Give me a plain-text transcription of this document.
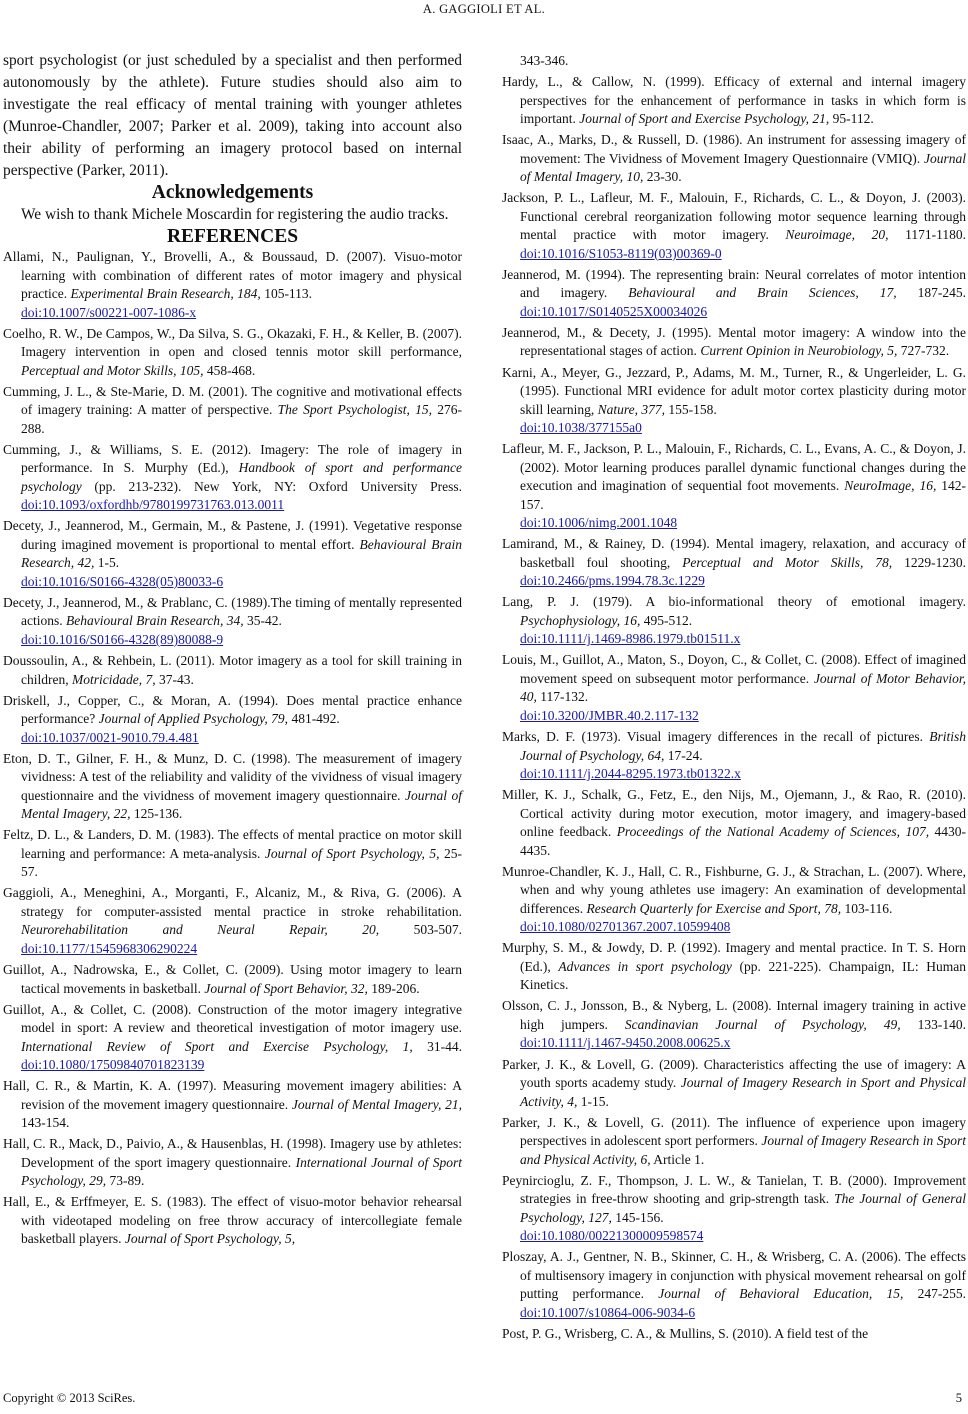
A. GAGGIOLI ET AL.

sport psychologist (or just scheduled by a specialist and then performed autonomously by the athlete). Future studies should also aim to investigate the real efficacy of mental training with younger athletes (Munroe-Chandler, 2007; Parker et al. 2009), taking into account also their ability of performing an imagery protocol based on internal perspective (Parker, 2011).

Acknowledgements

We wish to thank Michele Moscardin for registering the audio tracks.

REFERENCES

Allami, N., Paulignan, Y., Brovelli, A., & Boussaud, D. (2007). Visuo-motor learning with combination of different rates of motor imagery and physical practice. Experimental Brain Research, 184, 105-113.
doi:10.1007/s00221-007-1086-x

Coelho, R. W., De Campos, W., Da Silva, S. G., Okazaki, F. H., & Keller, B. (2007). Imagery intervention in open and closed tennis motor skill performance, Perceptual and Motor Skills, 105, 458-468.

Cumming, J. L., & Ste-Marie, D. M. (2001). The cognitive and motivational effects of imagery training: A matter of perspective. The Sport Psychologist, 15, 276-288.

Cumming, J., & Williams, S. E. (2012). Imagery: The role of imagery in performance. In S. Murphy (Ed.), Handbook of sport and performance psychology (pp. 213-232). New York, NY: Oxford University Press. doi:10.1093/oxfordhb/9780199731763.013.0011

Decety, J., Jeannerod, M., Germain, M., & Pastene, J. (1991). Vegetative response during imagined movement is proportional to mental effort. Behavioural Brain Research, 42, 1-5.
doi:10.1016/S0166-4328(05)80033-6

Decety, J., Jeannerod, M., & Prablanc, C. (1989).The timing of mentally represented actions. Behavioural Brain Research, 34, 35-42.
doi:10.1016/S0166-4328(89)80088-9

Doussoulin, A., & Rehbein, L. (2011). Motor imagery as a tool for skill training in children, Motricidade, 7, 37-43.

Driskell, J., Copper, C., & Moran, A. (1994). Does mental practice enhance performance? Journal of Applied Psychology, 79, 481-492.
doi:10.1037/0021-9010.79.4.481

Eton, D. T., Gilner, F. H., & Munz, D. C. (1998). The measurement of imagery vividness: A test of the reliability and validity of the vividness of visual imagery questionnaire and the vividness of movement imagery questionnaire. Journal of Mental Imagery, 22, 125-136.

Feltz, D. L., & Landers, D. M. (1983). The effects of mental practice on motor skill learning and performance: A meta-analysis. Journal of Sport Psychology, 5, 25-57.

Gaggioli, A., Meneghini, A., Morganti, F., Alcaniz, M., & Riva, G. (2006). A strategy for computer-assisted mental practice in stroke rehabilitation. Neurorehabilitation and Neural Repair, 20, 503-507. doi:10.1177/1545968306290224

Guillot, A., Nadrowska, E., & Collet, C. (2009). Using motor imagery to learn tactical movements in basketball. Journal of Sport Behavior, 32, 189-206.

Guillot, A., & Collet, C. (2008). Construction of the motor imagery integrative model in sport: A review and theoretical investigation of motor imagery use. International Review of Sport and Exercise Psychology, 1, 31-44. doi:10.1080/17509840701823139

Hall, C. R., & Martin, K. A. (1997). Measuring movement imagery abilities: A revision of the movement imagery questionnaire. Journal of Mental Imagery, 21, 143-154.

Hall, C. R., Mack, D., Paivio, A., & Hausenblas, H. (1998). Imagery use by athletes: Development of the sport imagery questionnaire. International Journal of Sport Psychology, 29, 73-89.

Hall, E., & Erffmeyer, E. S. (1983). The effect of visuo-motor behavior rehearsal with videotaped modeling on free throw accuracy of intercollegiate female basketball players. Journal of Sport Psychology, 5,

343-346.

Hardy, L., & Callow, N. (1999). Efficacy of external and internal imagery perspectives for the enhancement of performance in tasks in which form is important. Journal of Sport and Exercise Psychology, 21, 95-112.

Isaac, A., Marks, D., & Russell, D. (1986). An instrument for assessing imagery of movement: The Vividness of Movement Imagery Questionnaire (VMIQ). Journal of Mental Imagery, 10, 23-30.

Jackson, P. L., Lafleur, M. F., Malouin, F., Richards, C. L., & Doyon, J. (2003). Functional cerebral reorganization following motor sequence learning through mental practice with motor imagery. Neuroimage, 20, 1171-1180. doi:10.1016/S1053-8119(03)00369-0

Jeannerod, M. (1994). The representing brain: Neural correlates of motor intention and imagery. Behavioural and Brain Sciences, 17, 187-245. doi:10.1017/S0140525X00034026

Jeannerod, M., & Decety, J. (1995). Mental motor imagery: A window into the representational stages of action. Current Opinion in Neurobiology, 5, 727-732.

Karni, A., Meyer, G., Jezzard, P., Adams, M. M., Turner, R., & Ungerleider, L. G. (1995). Functional MRI evidence for adult motor cortex plasticity during motor skill learning, Nature, 377, 155-158.
doi:10.1038/377155a0

Lafleur, M. F., Jackson, P. L., Malouin, F., Richards, C. L., Evans, A. C., & Doyon, J. (2002). Motor learning produces parallel dynamic functional changes during the execution and imagination of sequential foot movements. NeuroImage, 16, 142-157.
doi:10.1006/nimg.2001.1048

Lamirand, M., & Rainey, D. (1994). Mental imagery, relaxation, and accuracy of basketball foul shooting, Perceptual and Motor Skills, 78, 1229-1230. doi:10.2466/pms.1994.78.3c.1229

Lang, P. J. (1979). A bio-informational theory of emotional imagery. Psychophysiology, 16, 495-512.
doi:10.1111/j.1469-8986.1979.tb01511.x

Louis, M., Guillot, A., Maton, S., Doyon, C., & Collet, C. (2008). Effect of imagined movement speed on subsequent motor performance. Journal of Motor Behavior, 40, 117-132.
doi:10.3200/JMBR.40.2.117-132

Marks, D. F. (1973). Visual imagery differences in the recall of pictures. British Journal of Psychology, 64, 17-24.
doi:10.1111/j.2044-8295.1973.tb01322.x

Miller, K. J., Schalk, G., Fetz, E., den Nijs, M., Ojemann, J., & Rao, R. (2010). Cortical activity during motor execution, motor imagery, and imagery-based online feedback. Proceedings of the National Academy of Sciences, 107, 4430-4435.

Munroe-Chandler, K. J., Hall, C. R., Fishburne, G. J., & Strachan, L. (2007). Where, when and why young athletes use imagery: An examination of developmental differences. Research Quarterly for Exercise and Sport, 78, 103-116.
doi:10.1080/02701367.2007.10599408

Murphy, S. M., & Jowdy, D. P. (1992). Imagery and mental practice. In T. S. Horn (Ed.), Advances in sport psychology (pp. 221-225). Champaign, IL: Human Kinetics.

Olsson, C. J., Jonsson, B., & Nyberg, L. (2008). Internal imagery training in active high jumpers. Scandinavian Journal of Psychology, 49, 133-140. doi:10.1111/j.1467-9450.2008.00625.x

Parker, J. K., & Lovell, G. (2009). Characteristics affecting the use of imagery: A youth sports academy study. Journal of Imagery Research in Sport and Physical Activity, 4, 1-15.

Parker, J. K., & Lovell, G. (2011). The influence of experience upon imagery perspectives in adolescent sport performers. Journal of Imagery Research in Sport and Physical Activity, 6, Article 1.

Peynircioglu, Z. F., Thompson, J. L. W., & Tanielan, T. B. (2000). Improvement strategies in free-throw shooting and grip-strength task. The Journal of General Psychology, 127, 145-156.
doi:10.1080/00221300009598574

Ploszay, A. J., Gentner, N. B., Skinner, C. H., & Wrisberg, C. A. (2006). The effects of multisensory imagery in conjunction with physical movement rehearsal on golf putting performance. Journal of Behavioral Education, 15, 247-255. doi:10.1007/s10864-006-9034-6

Post, P. G., Wrisberg, C. A., & Mullins, S. (2010). A field test of the

Copyright © 2013 SciRes.	5
